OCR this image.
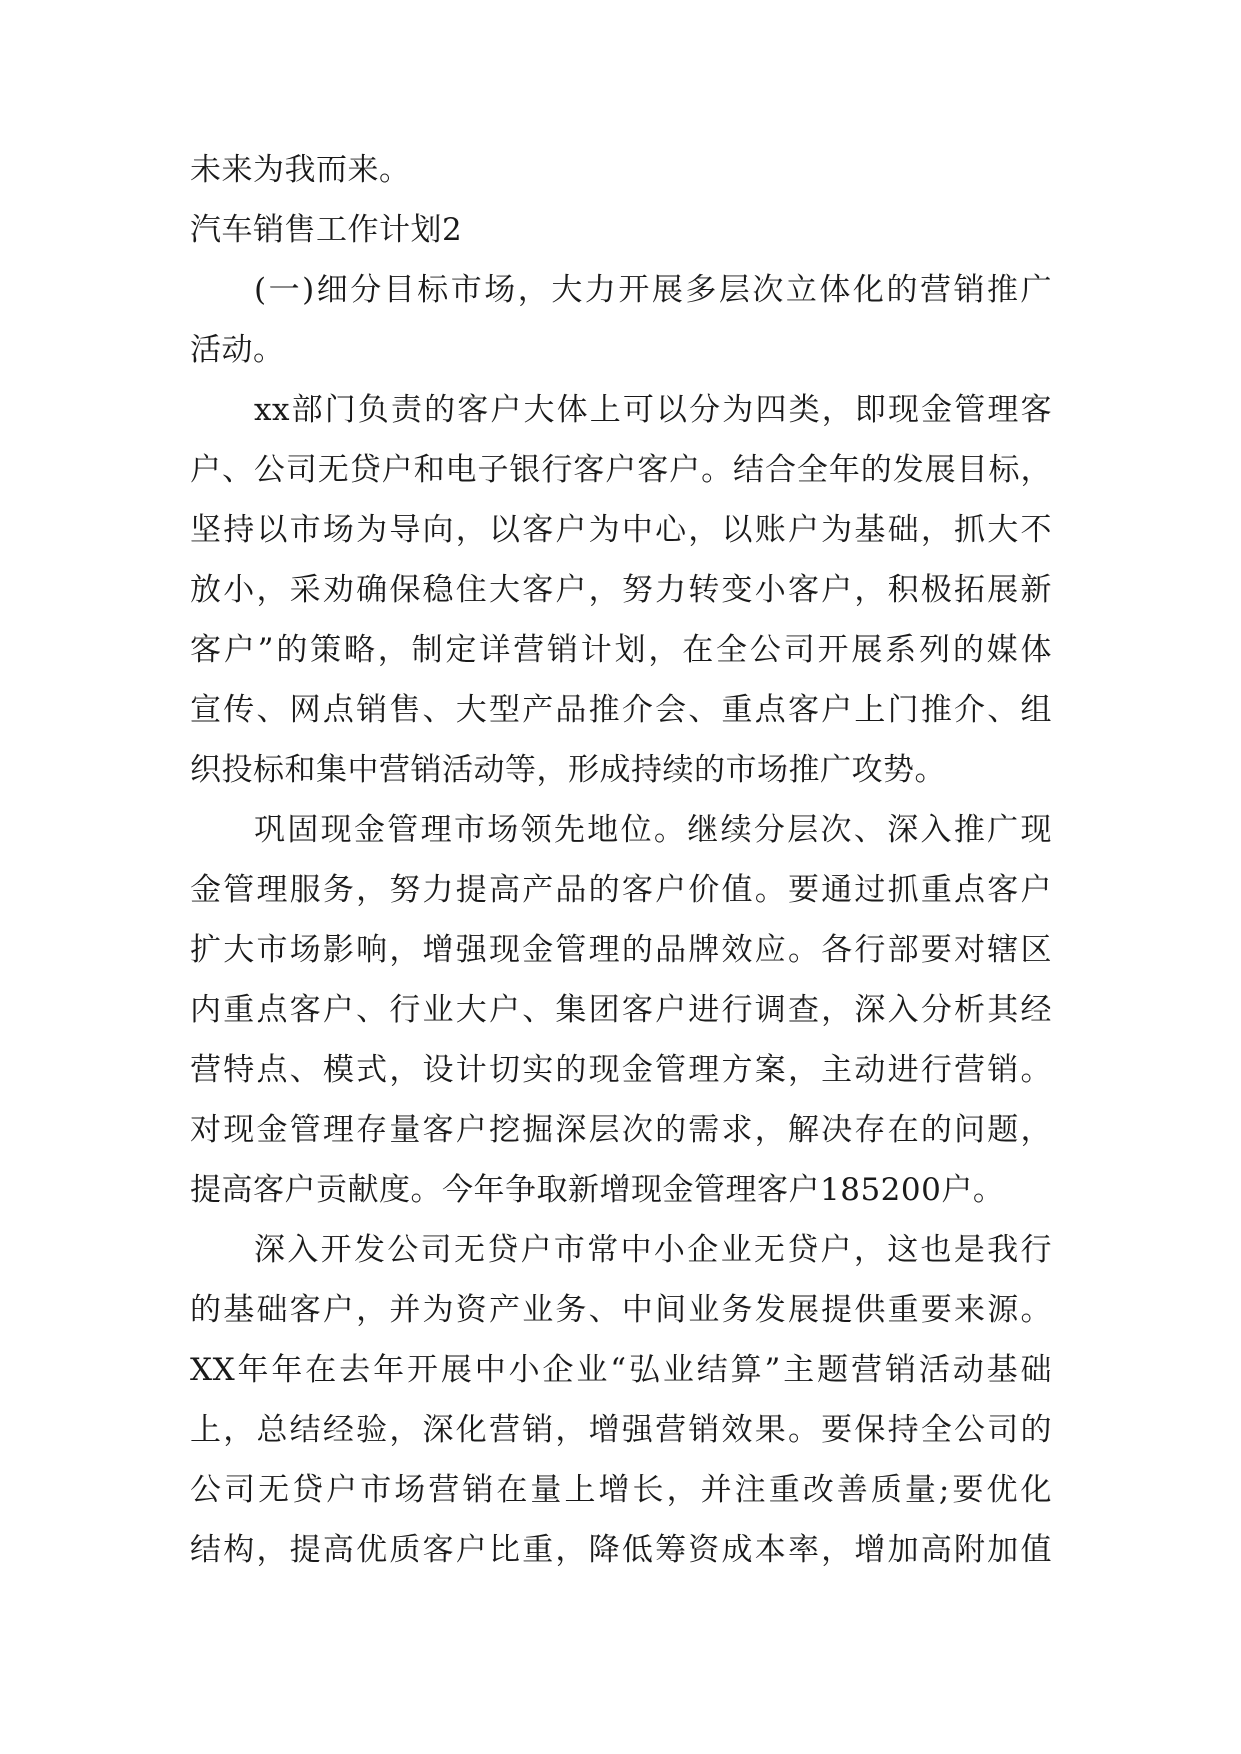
未来为我而来。
汽车销售工作计划2
(一)细分目标市场，大力开展多层次立体化的营销推广
活动。
xx部门负责的客户大体上可以分为四类，即现金管理客
户、公司无贷户和电子银行客户客户。结合全年的发展目标，
坚持以市场为导向，以客户为中心，以账户为基础，抓大不
放小，采劝确保稳住大客户，努力转变小客户，积极拓展新
客户”的策略，制定详营销计划，在全公司开展系列的媒体
宣传、网点销售、大型产品推介会、重点客户上门推介、组
织投标和集中营销活动等，形成持续的市场推广攻势。
巩固现金管理市场领先地位。继续分层次、深入推广现
金管理服务，努力提高产品的客户价值。要通过抓重点客户
扩大市场影响，增强现金管理的品牌效应。各行部要对辖区
内重点客户、行业大户、集团客户进行调查，深入分析其经
营特点、模式，设计切实的现金管理方案，主动进行营销。
对现金管理存量客户挖掘深层次的需求，解决存在的问题，
提高客户贡献度。今年争取新增现金管理客户185200户。
深入开发公司无贷户市常中小企业无贷户，这也是我行
的基础客户，并为资产业务、中间业务发展提供重要来源。
XX年年在去年开展中小企业“弘业结算”主题营销活动基础
上，总结经验，深化营销，增强营销效果。要保持全公司的
公司无贷户市场营销在量上增长，并注重改善质量;要优化
结构，提高优质客户比重，降低筹资成本率，增加高附加值
